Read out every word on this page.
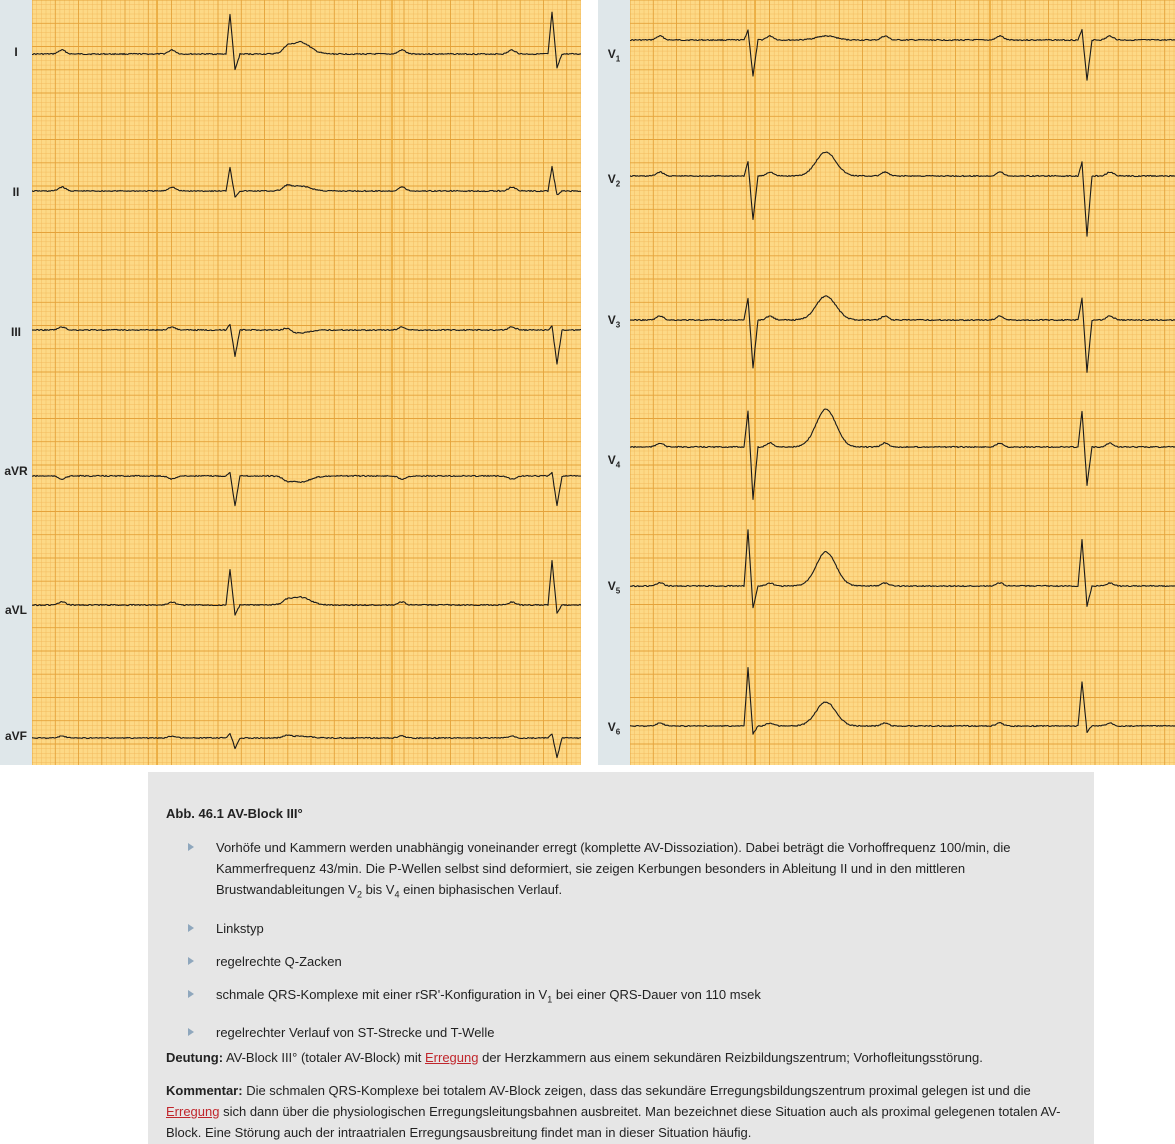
I
II
III
aVR
aVL
aVF
$V_1$
$V_2$
$V_3$
$V_4$
$V_5$
$V_6$
Abb. 46.1 AV-Block III°
Vorhöfe und Kammern werden unabhängig voneinander erregt (komplette AV-Dissoziation). Dabei beträgt die Vorhoffrequenz 100/min, die Kammerfrequenz 43/min. Die P-Wellen selbst sind deformiert, sie zeigen Kerbungen besonders in Ableitung II und in den mittleren Brustwandableitungen $V_2$ bis $V_4$ einen biphasischen Verlauf.
Linkstyp
regelrechte Q-Zacken
schmale QRS-Komplexe mit einer rSR'-Konfiguration in $V_1$ bei einer QRS-Dauer von 110 msek
regelrechter Verlauf von ST-Strecke und T-Welle

Deutung: AV-Block III° (totaler AV-Block) mit Erregung der Herzkammern aus einem sekundären Reizbildungszentrum; Vorhofleitungsstörung.

Kommentar: Die schmalen QRS-Komplexe bei totalem AV-Block zeigen, dass das sekundäre Erregungsbildungszentrum proximal gelegen ist und die Erregung sich dann über die physiologischen Erregungsleitungsbahnen ausbreitet. Man bezeichnet diese Situation auch als proximal gelegenen totalen AV-Block. Eine Störung auch der intraatrialen Erregungsausbreitung findet man in dieser Situation häufig.
